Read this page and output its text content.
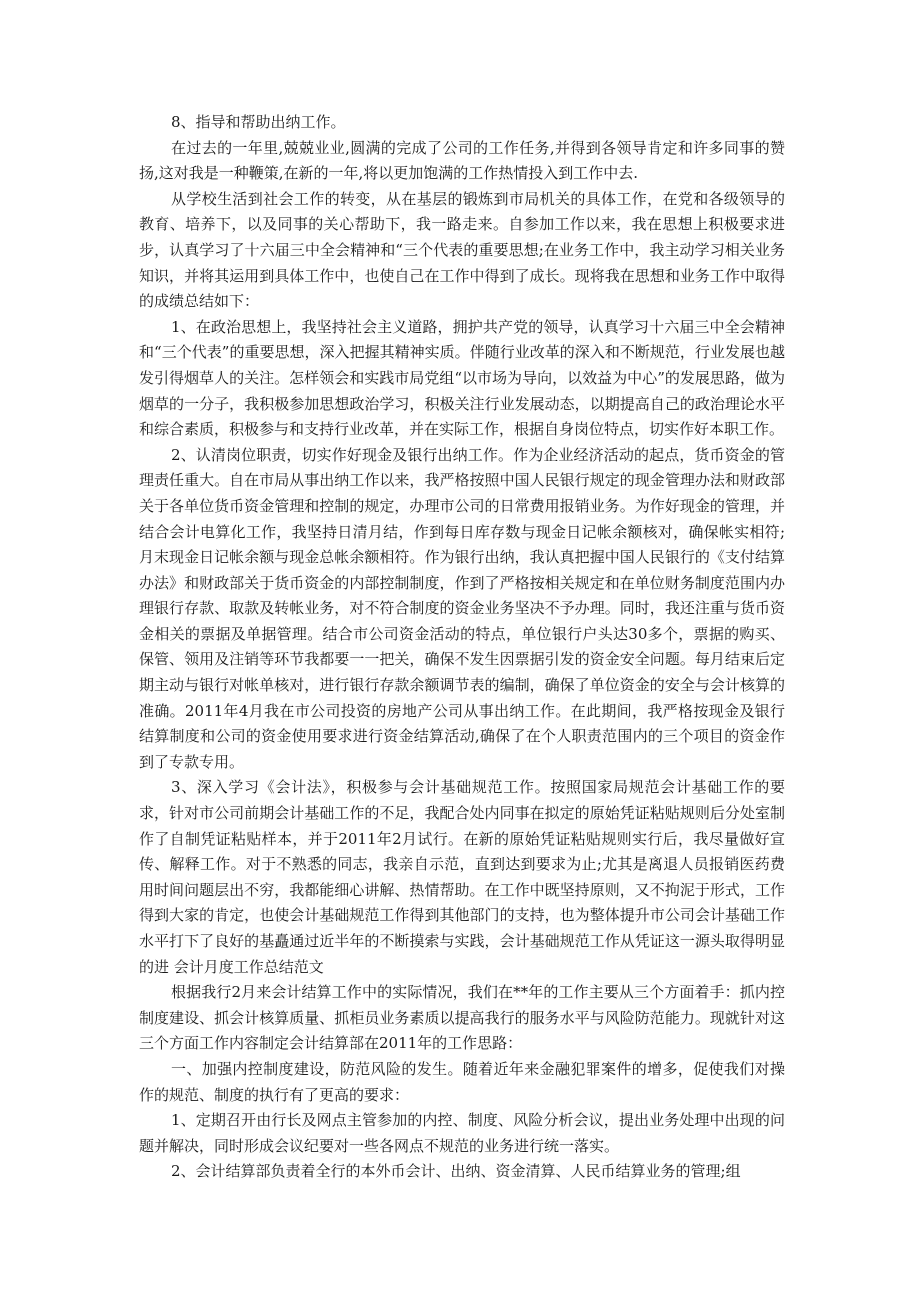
8、指导和帮助出纳工作。

在过去的一年里,兢兢业业,圆满的完成了公司的工作任务,并得到各领导肯定和许多同事的赞扬,这对我是一种鞭策,在新的一年,将以更加饱满的工作热情投入到工作中去.

从学校生活到社会工作的转变，从在基层的锻炼到市局机关的具体工作，在党和各级领导的教育、培养下，以及同事的关心帮助下，我一路走来。自参加工作以来，我在思想上积极要求进步，认真学习了十六届三中全会精神和“三个代表的重要思想;在业务工作中，我主动学习相关业务知识，并将其运用到具体工作中，也使自己在工作中得到了成长。现将我在思想和业务工作中取得的成绩总结如下：

1、在政治思想上，我坚持社会主义道路，拥护共产党的领导，认真学习十六届三中全会精神和“三个代表”的重要思想，深入把握其精神实质。伴随行业改革的深入和不断规范，行业发展也越发引得烟草人的关注。怎样领会和实践市局党组“以市场为导向，以效益为中心”的发展思路，做为烟草的一分子，我积极参加思想政治学习，积极关注行业发展动态，以期提高自己的政治理论水平和综合素质，积极参与和支持行业改革，并在实际工作，根据自身岗位特点，切实作好本职工作。

2、认清岗位职责，切实作好现金及银行出纳工作。作为企业经济活动的起点，货币资金的管理责任重大。自在市局从事出纳工作以来，我严格按照中国人民银行规定的现金管理办法和财政部关于各单位货币资金管理和控制的规定，办理市公司的日常费用报销业务。为作好现金的管理，并结合会计电算化工作，我坚持日清月结，作到每日库存数与现金日记帐余额核对，确保帐实相符;月末现金日记帐余额与现金总帐余额相符。作为银行出纳，我认真把握中国人民银行的《支付结算办法》和财政部关于货币资金的内部控制制度，作到了严格按相关规定和在单位财务制度范围内办理银行存款、取款及转帐业务，对不符合制度的资金业务坚决不予办理。同时，我还注重与货币资金相关的票据及单据管理。结合市公司资金活动的特点，单位银行户头达30多个，票据的购买、保管、领用及注销等环节我都要一一把关，确保不发生因票据引发的资金安全问题。每月结束后定期主动与银行对帐单核对，进行银行存款余额调节表的编制，确保了单位资金的安全与会计核算的准确。2011年4月我在市公司投资的房地产公司从事出纳工作。在此期间，我严格按现金及银行结算制度和公司的资金使用要求进行资金结算活动,确保了在个人职责范围内的三个项目的资金作到了专款专用。

3、深入学习《会计法》，积极参与会计基础规范工作。按照国家局规范会计基础工作的要求，针对市公司前期会计基础工作的不足，我配合处内同事在拟定的原始凭证粘贴规则后分处室制作了自制凭证粘贴样本，并于2011年2月试行。在新的原始凭证粘贴规则实行后，我尽量做好宣传、解释工作。对于不熟悉的同志，我亲自示范，直到达到要求为止;尤其是离退人员报销医药费用时间问题层出不穷，我都能细心讲解、热情帮助。在工作中既坚持原则，又不拘泥于形式，工作得到大家的肯定，也使会计基础规范工作得到其他部门的支持，也为整体提升市公司会计基础工作水平打下了良好的基矗通过近半年的不断摸索与实践，会计基础规范工作从凭证这一源头取得明显的进 会计月度工作总结范文

根据我行2月来会计结算工作中的实际情况，我们在**年的工作主要从三个方面着手：抓内控制度建设、抓会计核算质量、抓柜员业务素质以提高我行的服务水平与风险防范能力。现就针对这三个方面工作内容制定会计结算部在2011年的工作思路：

一、加强内控制度建设，防范风险的发生。随着近年来金融犯罪案件的增多，促使我们对操作的规范、制度的执行有了更高的要求：

1、定期召开由行长及网点主管参加的内控、制度、风险分析会议，提出业务处理中出现的问题并解决，同时形成会议纪要对一些各网点不规范的业务进行统一落实。

2、会计结算部负责着全行的本外币会计、出纳、资金清算、人民币结算业务的管理;组
